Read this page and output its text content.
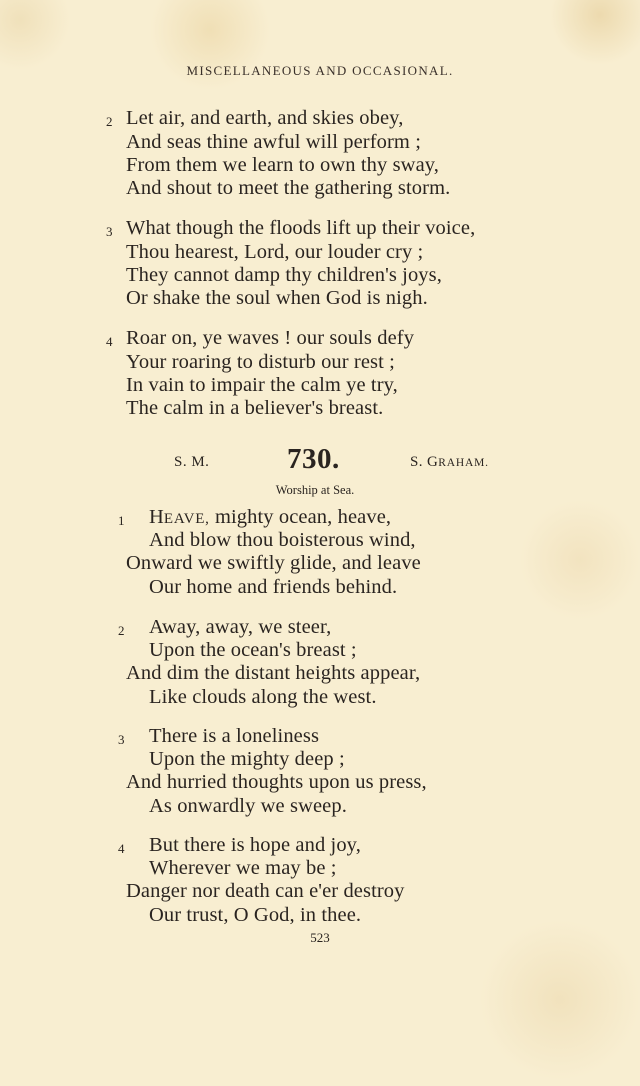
MISCELLANEOUS AND OCCASIONAL.
2 Let air, and earth, and skies obey,
And seas thine awful will perform ;
From them we learn to own thy sway,
And shout to meet the gathering storm.
3 What though the floods lift up their voice,
Thou hearest, Lord, our louder cry ;
They cannot damp thy children's joys,
Or shake the soul when God is nigh.
4 Roar on, ye waves ! our souls defy
Your roaring to disturb our rest ;
In vain to impair the calm ye try,
The calm in a believer's breast.
S. M.	730.	S. GRAHAM.
Worship at Sea.
1 HEAVE, mighty ocean, heave,
And blow thou boisterous wind,
Onward we swiftly glide, and leave
Our home and friends behind.
2 Away, away, we steer,
Upon the ocean's breast ;
And dim the distant heights appear,
Like clouds along the west.
3 There is a loneliness
Upon the mighty deep ;
And hurried thoughts upon us press,
As onwardly we sweep.
4 But there is hope and joy,
Wherever we may be ;
Danger nor death can e'er destroy
Our trust, O God, in thee.
523
